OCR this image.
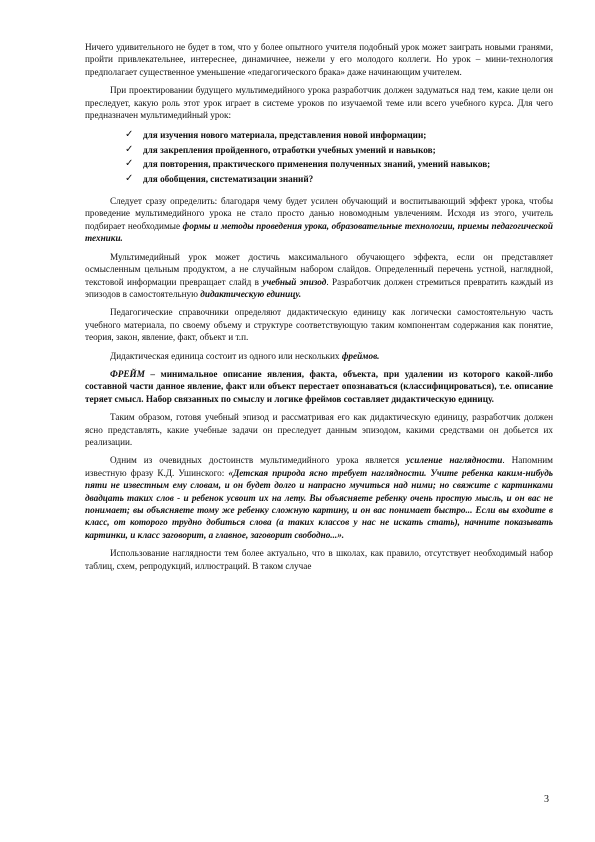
Ничего удивительного не будет в том, что у более опытного учителя подобный урок может заиграть новыми гранями, пройти привлекательнее, интереснее, динамичнее, нежели у его молодого коллеги. Но урок – мини-технология предполагает существенное уменьшение «педагогического брака» даже начинающим учителем.

При проектировании будущего мультимедийного урока разработчик должен задуматься над тем, какие цели он преследует, какую роль этот урок играет в системе уроков по изучаемой теме или всего учебного курса. Для чего предназначен мультимедийный урок:

✓ для изучения нового материала, представления новой информации;
✓ для закрепления пройденного, отработки учебных умений и навыков;
✓ для повторения, практического применения полученных знаний, умений навыков;
✓ для обобщения, систематизации знаний?

Следует сразу определить: благодаря чему будет усилен обучающий и воспитывающий эффект урока, чтобы проведение мультимедийного урока не стало просто данью новомодным увлечениям. Исходя из этого, учитель подбирает необходимые формы и методы проведения урока, образовательные технологии, приемы педагогической техники.

Мультимедийный урок может достичь максимального обучающего эффекта, если он представляет осмысленным цельным продуктом, а не случайным набором слайдов. Определенный перечень устной, наглядной, текстовой информации превращает слайд в учебный эпизод. Разработчик должен стремиться превратить каждый из эпизодов в самостоятельную дидактическую единицу.

Педагогические справочники определяют дидактическую единицу как логически самостоятельную часть учебного материала, по своему объему и структуре соответствующую таким компонентам содержания как понятие, теория, закон, явление, факт, объект и т.п.

Дидактическая единица состоит из одного или нескольких фреймов.

ФРЕЙМ – минимальное описание явления, факта, объекта, при удалении из которого какой-либо составной части данное явление, факт или объект перестает опознаваться (классифицироваться), т.е. описание теряет смысл. Набор связанных по смыслу и логике фреймов составляет дидактическую единицу.

Таким образом, готовя учебный эпизод и рассматривая его как дидактическую единицу, разработчик должен ясно представлять, какие учебные задачи он преследует данным эпизодом, какими средствами он добьется их реализации.

Одним из очевидных достоинств мультимедийного урока является усиление наглядности. Напомним известную фразу К.Д. Ушинского: «Детская природа ясно требует наглядности. Учите ребенка каким-нибудь пяти не известным ему словам, и он будет долго и напрасно мучиться над ними; но свяжите с картинками двадцать таких слов - и ребенок усвоит их на лету. Вы объясняете ребенку очень простую мысль, и он вас не понимает; вы объясняете тому же ребенку сложную картину, и он вас понимает быстро... Если вы входите в класс, от которого трудно добиться слова (а таких классов у нас не искать стать), начните показывать картинки, и класс заговорит, а главное, заговорит свободно...».

Использование наглядности тем более актуально, что в школах, как правило, отсутствует необходимый набор таблиц, схем, репродукций, иллюстраций. В таком случае

3
